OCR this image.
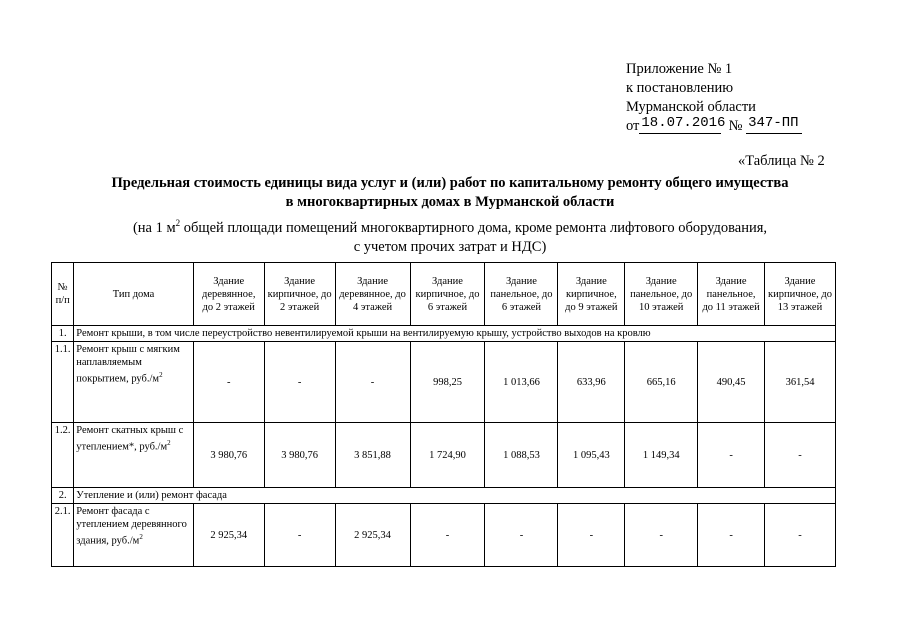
Приложение № 1
к постановлению
Мурманской области
от 18.07.2016 № 347-ПП
«Таблица № 2
Предельная стоимость единицы вида услуг и (или) работ по капитальному ремонту общего имущества
в многоквартирных домах в Мурманской области
(на 1 $м^2$ общей площади помещений многоквартирного дома, кроме ремонта лифтового оборудования,
с учетом прочих затрат и НДС)
№ п/п	Тип дома	Здание деревянное, до 2 этажей	Здание кирпичное, до 2 этажей	Здание деревянное, до 4 этажей	Здание кирпичное, до 6 этажей	Здание панельное, до 6 этажей	Здание кирпичное, до 9 этажей	Здание панельное, до 10 этажей	Здание панельное, до 11 этажей	Здание кирпичное, до 13 этажей
1.	Ремонт крыши, в том числе переустройство невентилируемой крыши на вентилируемую крышу, устройство выходов на кровлю									
1.1.	Ремонт крыш с мягким наплавляемым покрытием, $руб./м^2$	-	-	-	998,25	1 013,66	633,96	665,16	490,45	361,54
1.2.	Ремонт скатных крыш с утеплением*, $руб./м^2$	3 980,76	3 980,76	3 851,88	1 724,90	1 088,53	1 095,43	1 149,34	-	-
2.	Утепление и (или) ремонт фасада									
2.1.	Ремонт фасада с утеплением деревянного здания, $руб./м^2$	2 925,34	-	2 925,34	-	-	-	-	-	-
